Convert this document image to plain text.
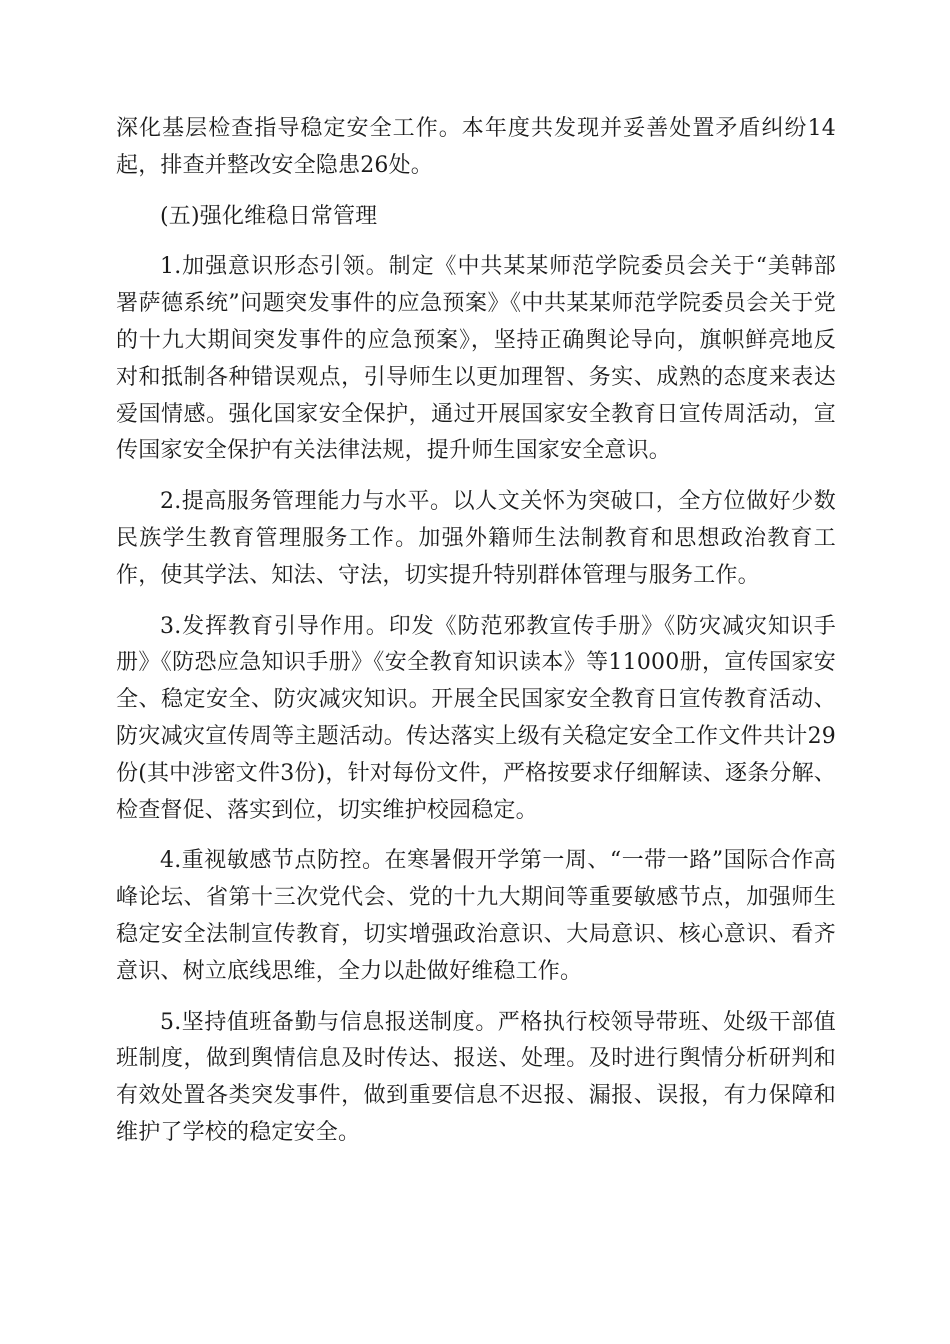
深化基层检查指导稳定安全工作。本年度共发现并妥善处置矛盾纠纷14起，排查并整改安全隐患26处。

(五)强化维稳日常管理

1.加强意识形态引领。制定《中共某某师范学院委员会关于“美韩部署萨德系统”问题突发事件的应急预案》《中共某某师范学院委员会关于党的十九大期间突发事件的应急预案》，坚持正确舆论导向，旗帜鲜亮地反对和抵制各种错误观点，引导师生以更加理智、务实、成熟的态度来表达爱国情感。强化国家安全保护，通过开展国家安全教育日宣传周活动，宣传国家安全保护有关法律法规，提升师生国家安全意识。

2.提高服务管理能力与水平。以人文关怀为突破口，全方位做好少数民族学生教育管理服务工作。加强外籍师生法制教育和思想政治教育工作，使其学法、知法、守法，切实提升特别群体管理与服务工作。

3.发挥教育引导作用。印发《防范邪教宣传手册》《防灾减灾知识手册》《防恐应急知识手册》《安全教育知识读本》等11000册，宣传国家安全、稳定安全、防灾减灾知识。开展全民国家安全教育日宣传教育活动、防灾减灾宣传周等主题活动。传达落实上级有关稳定安全工作文件共计29份(其中涉密文件3份)，针对每份文件，严格按要求仔细解读、逐条分解、检查督促、落实到位，切实维护校园稳定。

4.重视敏感节点防控。在寒暑假开学第一周、“一带一路”国际合作高峰论坛、省第十三次党代会、党的十九大期间等重要敏感节点，加强师生稳定安全法制宣传教育，切实增强政治意识、大局意识、核心意识、看齐意识、树立底线思维，全力以赴做好维稳工作。

5.坚持值班备勤与信息报送制度。严格执行校领导带班、处级干部值班制度，做到舆情信息及时传达、报送、处理。及时进行舆情分析研判和有效处置各类突发事件，做到重要信息不迟报、漏报、误报，有力保障和维护了学校的稳定安全。
